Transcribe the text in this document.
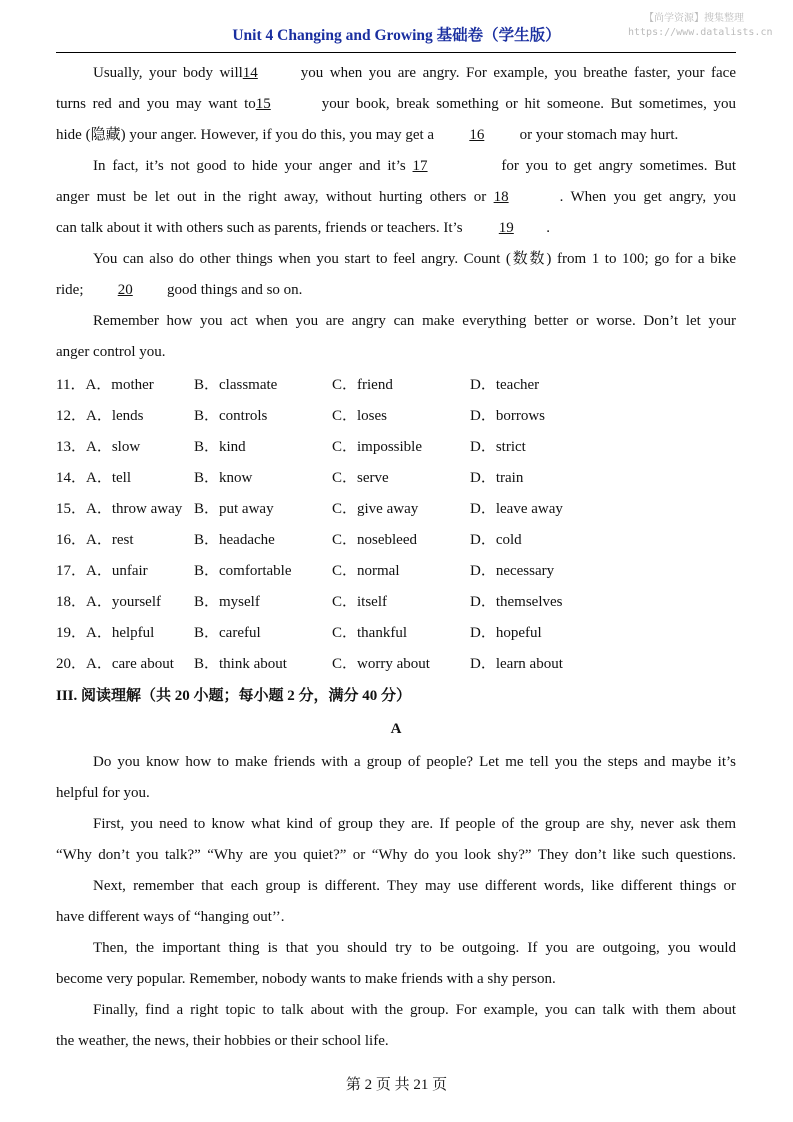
Unit 4 Changing and Growing 基础卷（学生版）
【尚学资源】搜集整理
https://www.datalists.cn
Usually, your body will14	you when you are angry. For example, you breathe faster, your face
turns red and you may want to15	your book, break something or hit someone. But sometimes, you
hide (隐藏) your anger. However, if you do this, you may get a 16 or your stomach may hurt.
In fact, it’s not good to hide your anger and it’s 17	for you to get angry sometimes. But
anger must be let out in the right away, without hurting others or 18	. When you get angry, you
can talk about it with others such as parents, friends or teachers. It’s 19 .
You can also do other things when you start to feel angry. Count (数数) from 1 to 100; go for a bike
ride; 20 good things and so on.
Remember how you act when you are angry can make everything better or worse. Don’t let your
anger control you.
11．A．mother	B．classmate	C．friend	D．teacher
12．A．lends	B．controls	C．loses	D．borrows
13．A．slow	B．kind	C．impossible	D．strict
14．A．tell	B．know	C．serve	D．train
15．A．throw away B．put away	C．give away	D．leave away
16．A．rest	B．headache	C．nosebleed	D．cold
17．A．unfair	B．comfortable	C．normal	D．necessary
18．A．yourself B．myself	C．itself	D．themselves
19．A．helpful	B．careful	C．thankful	D．hopeful
20．A．care about B．think about	C．worry about	D．learn about
III. 阅读理解（共 20 小题；每小题 2 分，满分 40 分）
A
Do you know how to make friends with a group of people? Let me tell you the steps and maybe it’s
helpful for you.
First, you need to know what kind of group they are. If people of the group are shy, never ask them
“Why don’t you talk?” “Why are you quiet?” or “Why do you look shy?” They don’t like such questions.
Next, remember that each group is different. They may use different words, like different things or
have different ways of “hanging out’’.
Then, the important thing is that you should try to be outgoing. If you are outgoing, you would
become very popular. Remember, nobody wants to make friends with a shy person.
Finally, find a right topic to talk about with the group. For example, you can talk with them about
the weather, the news, their hobbies or their school life.
第 2 页 共 21 页
